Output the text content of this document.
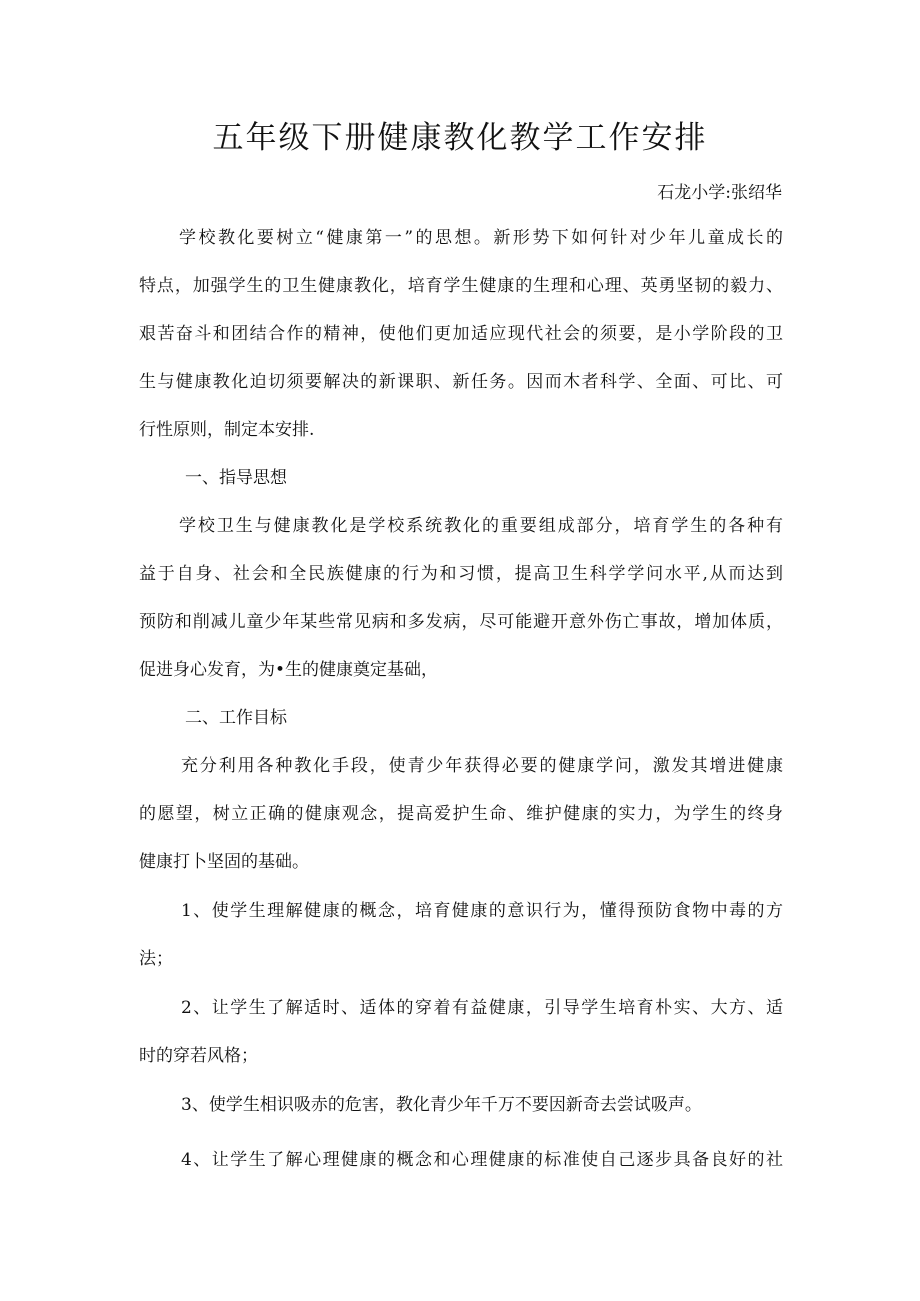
五年级下册健康教化教学工作安排
石龙小学:张绍华
学校教化要树立“健康第一”的思想。新形势下如何针对少年儿童成长的
特点，加强学生的卫生健康教化，培育学生健康的生理和心理、英勇坚韧的毅力、
艰苦奋斗和团结合作的精神，使他们更加适应现代社会的须要，是小学阶段的卫
生与健康教化迫切须要解决的新课职、新任务。因而木者科学、全面、可比、可
行性原则，制定本安排.
一、指导思想
学校卫生与健康教化是学校系统教化的重要组成部分，培育学生的各种有
益于自身、社会和全民族健康的行为和习惯，提高卫生科学学问水平,从而达到
预防和削减儿童少年某些常见病和多发病，尽可能避开意外伤亡事故，增加体质，
促进身心发育，为•生的健康奠定基础，
二、工作目标
充分利用各种教化手段，使青少年获得必要的健康学问，激发其增进健康
的愿望，树立正确的健康观念，提高爱护生命、维护健康的实力，为学生的终身
健康打卜坚固的基础。
1、使学生理解健康的概念，培育健康的意识行为，懂得预防食物中毒的方
法；
2、让学生了解适时、适体的穿着有益健康，引导学生培育朴实、大方、适
时的穿若风格；
3、使学生相识吸赤的危害，教化青少年千万不要因新奇去尝试吸声。
4、让学生了解心理健康的概念和心理健康的标准使自己逐步具备良好的社
